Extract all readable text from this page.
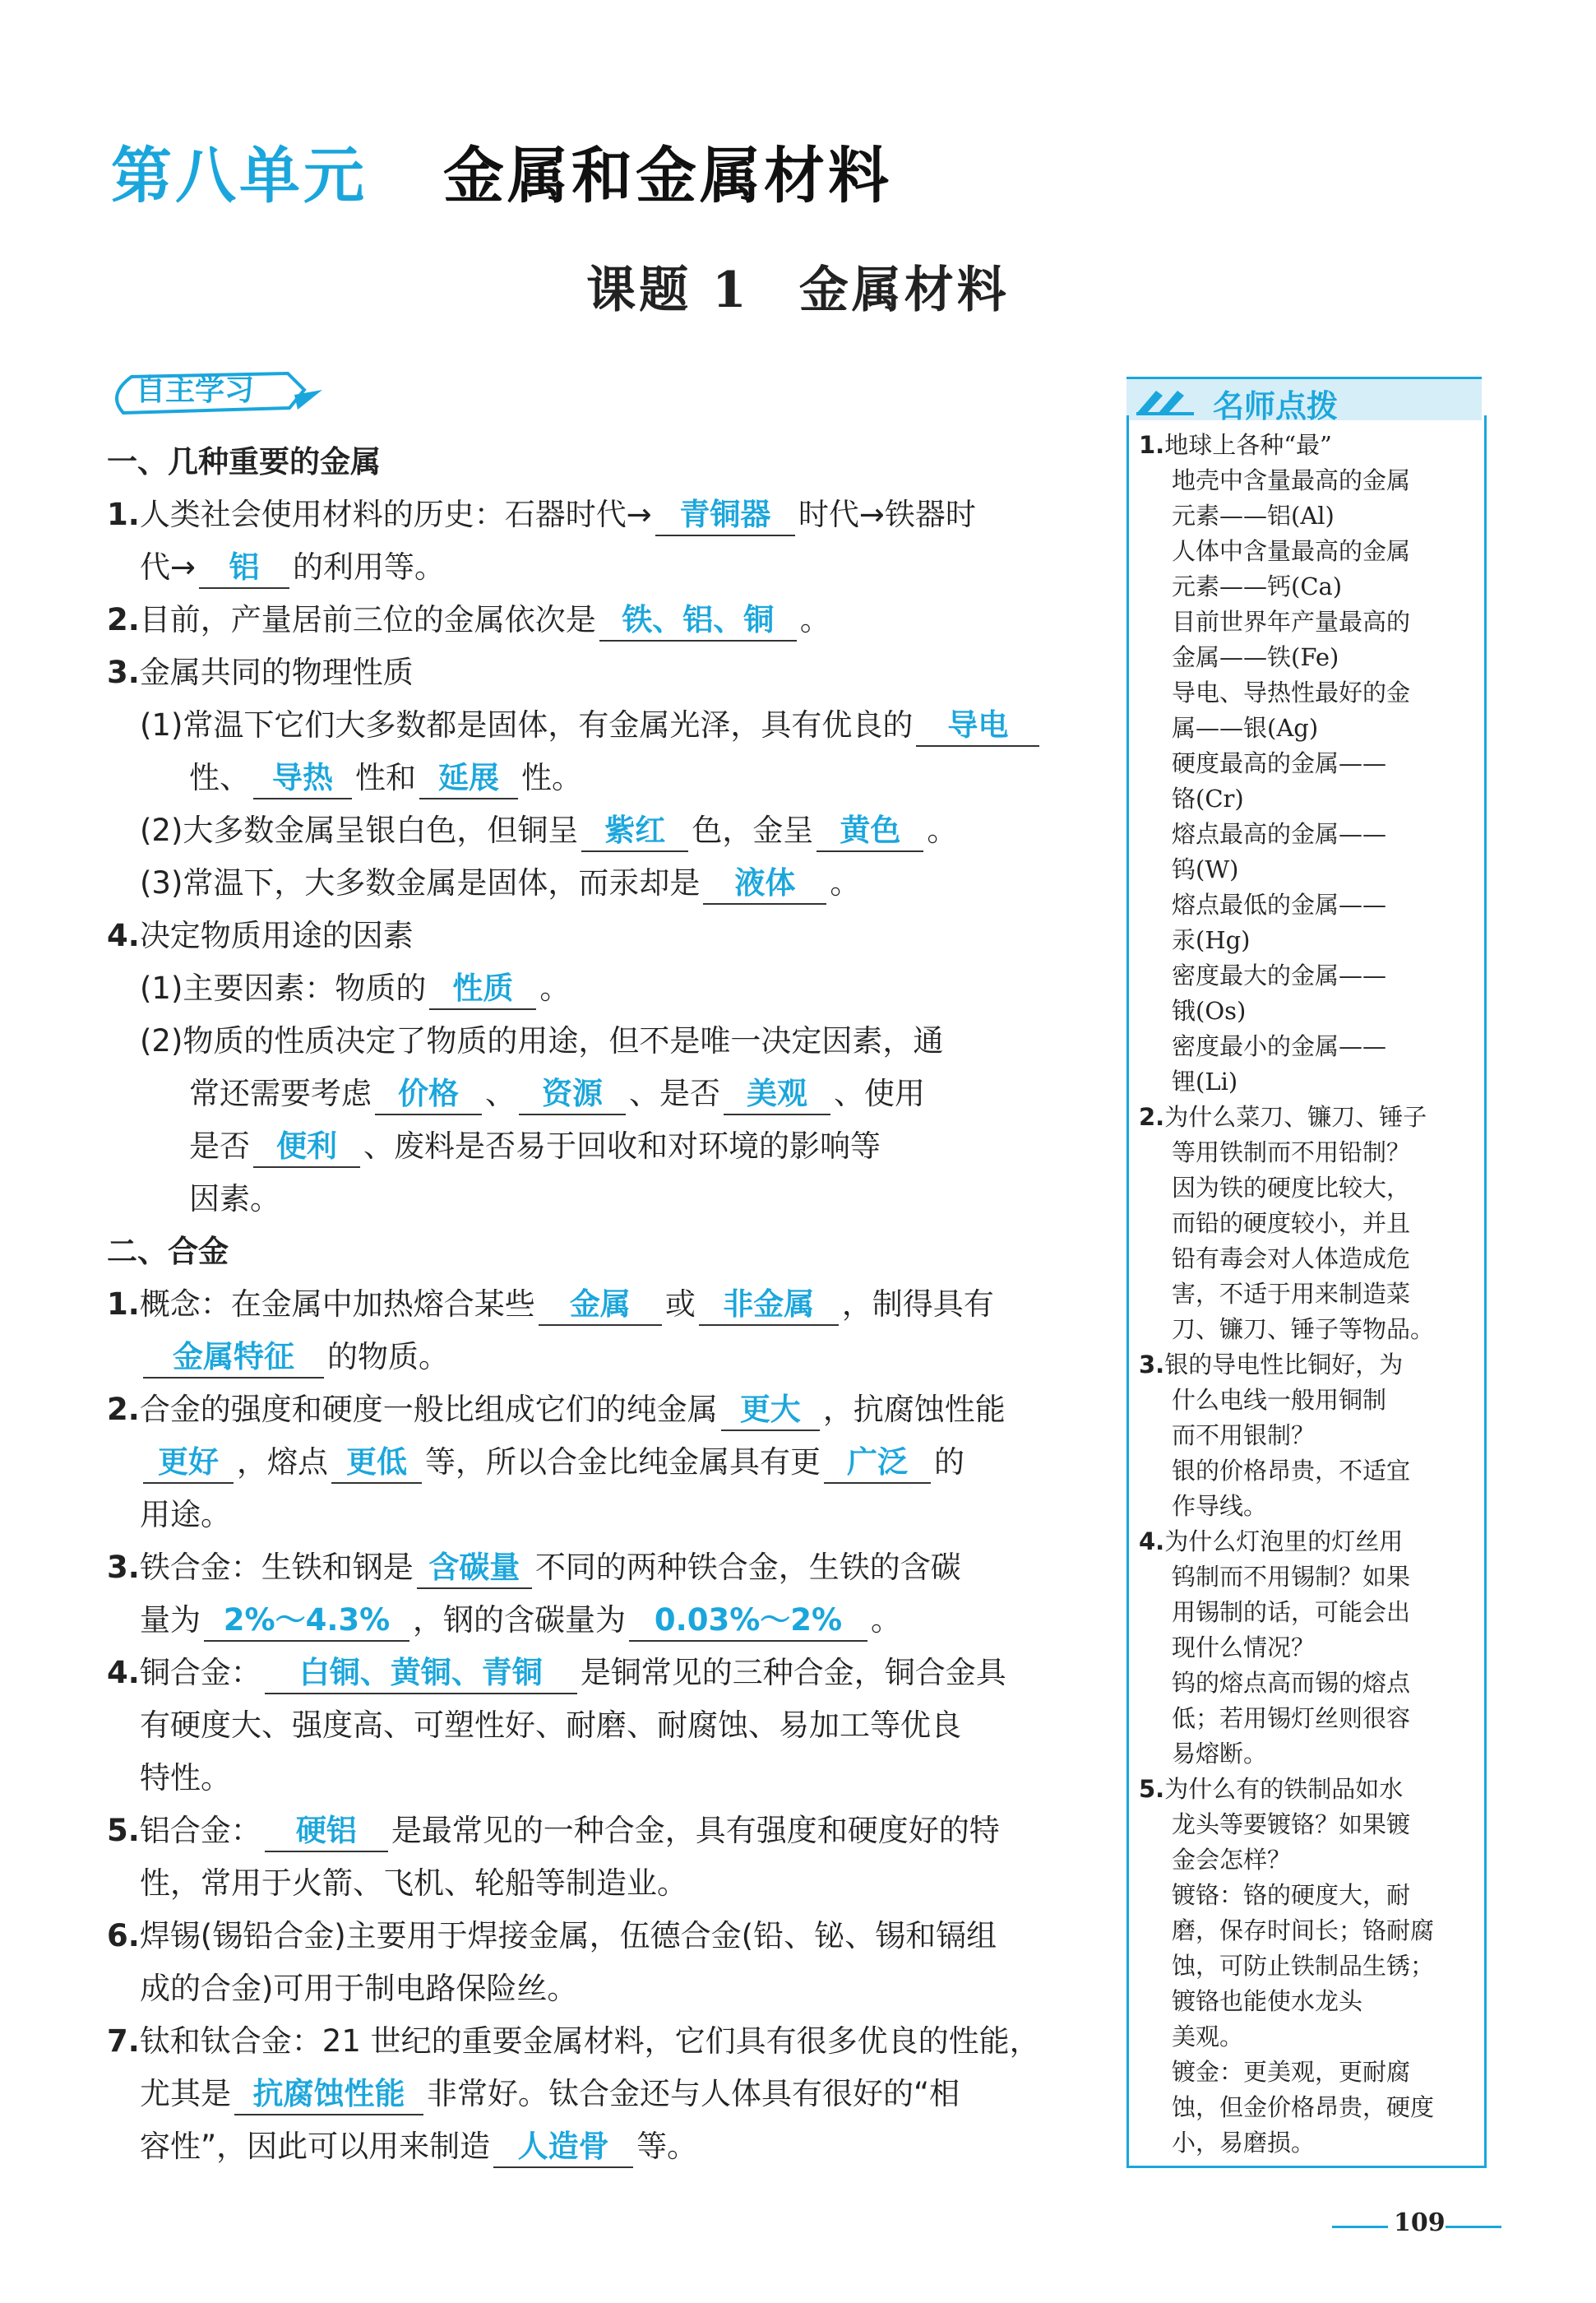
第八单元 金属和金属材料
课题 1 金属材料
自主学习
一、几种重要的金属
1.人类社会使用材料的历史：石器时代→ 青铜器 时代→铁器时
代→ 铝 的利用等。
2.目前，产量居前三位的金属依次是 铁、铝、铜 。
3.金属共同的物理性质
(1)常温下它们大多数都是固体，有金属光泽，具有优良的 导电
性、 导热 性和 延展 性。
(2)大多数金属呈银白色，但铜呈 紫红 色，金呈 黄色 。
(3)常温下，大多数金属是固体，而汞却是 液体 。
4.决定物质用途的因素
(1)主要因素：物质的 性质 。
(2)物质的性质决定了物质的用途，但不是唯一决定因素，通
常还需要考虑 价格 、 资源 、是否 美观 、使用
是否 便利 、废料是否易于回收和对环境的影响等
因素。
二、合金
1.概念：在金属中加热熔合某些 金属 或 非金属 ，制得具有
金属特征 的物质。
2.合金的强度和硬度一般比组成它们的纯金属 更大 ，抗腐蚀性能
更好 ，熔点 更低 等，所以合金比纯金属具有更 广泛 的
用途。
3.铁合金：生铁和钢是 含碳量 不同的两种铁合金，生铁的含碳
量为 2%～4.3% ，钢的含碳量为 0.03%～2% 。
4.铜合金： 白铜、黄铜、青铜 是铜常见的三种合金，铜合金具
有硬度大、强度高、可塑性好、耐磨、耐腐蚀、易加工等优良
特性。
5.铝合金： 硬铝 是最常见的一种合金，具有强度和硬度好的特
性，常用于火箭、飞机、轮船等制造业。
6.焊锡(锡铅合金)主要用于焊接金属，伍德合金(铅、铋、锡和镉组
成的合金)可用于制电路保险丝。
7.钛和钛合金：21 世纪的重要金属材料，它们具有很多优良的性能，
尤其是 抗腐蚀性能 非常好。钛合金还与人体具有很好的“相
容性”，因此可以用来制造 人造骨 等。
名师点拨
1.地球上各种“最”
地壳中含量最高的金属
元素——铝(Al)
人体中含量最高的金属
元素——钙(Ca)
目前世界年产量最高的
金属——铁(Fe)
导电、导热性最好的金
属——银(Ag)
硬度最高的金属——
铬(Cr)
熔点最高的金属——
钨(W)
熔点最低的金属——
汞(Hg)
密度最大的金属——
锇(Os)
密度最小的金属——
锂(Li)
2.为什么菜刀、镰刀、锤子
等用铁制而不用铅制？
因为铁的硬度比较大，
而铅的硬度较小，并且
铅有毒会对人体造成危
害，不适于用来制造菜
刀、镰刀、锤子等物品。
3.银的导电性比铜好，为
什么电线一般用铜制
而不用银制？
银的价格昂贵，不适宜
作导线。
4.为什么灯泡里的灯丝用
钨制而不用锡制？如果
用锡制的话，可能会出
现什么情况？
钨的熔点高而锡的熔点
低；若用锡灯丝则很容
易熔断。
5.为什么有的铁制品如水
龙头等要镀铬？如果镀
金会怎样？
镀铬：铬的硬度大，耐
磨，保存时间长；铬耐腐
蚀，可防止铁制品生锈；
镀铬也能使水龙头
美观。
镀金：更美观，更耐腐
蚀，但金价格昂贵，硬度
小，易磨损。
109
